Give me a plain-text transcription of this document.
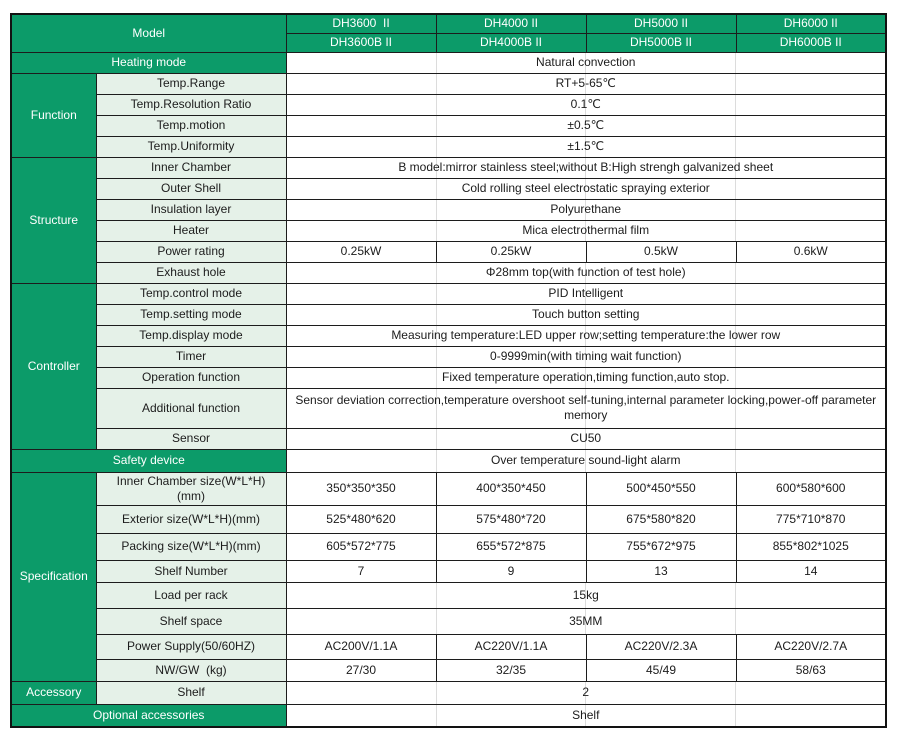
Model		DH3600  II	DH4000 II	DH5000 II	DH6000 II
		DH3600B II	DH4000B II	DH5000B II	DH6000B II
Heating mode		Natural convection			
Function	Temp.Range	RT+5-65℃			
	Temp.Resolution Ratio	0.1℃			
	Temp.motion	±0.5℃			
	Temp.Uniformity	±1.5℃			
Structure	Inner Chamber	B model:mirror stainless steel;without B:High strengh galvanized sheet			
	Outer Shell	Cold rolling steel electrostatic spraying exterior			
	Insulation layer	Polyurethane			
	Heater	Mica electrothermal film			
	Power rating	0.25kW	0.25kW	0.5kW	0.6kW
	Exhaust hole	Φ28mm top(with function of test hole)			
Controller	Temp.control mode	PID Intelligent			
	Temp.setting mode	Touch button setting			
	Temp.display mode	Measuring temperature:LED upper row;setting temperature:the lower row			
	Timer	0-9999min(with timing wait function)			
	Operation function	Fixed temperature operation,timing function,auto stop.			
	Additional function	Sensor deviation correction,temperature overshoot self-tuning,internal parameter locking,power-off parameter memory			
	Sensor	CU50			
Safety device		Over temperature sound-light alarm			
Specification	Inner Chamber size(W*L*H) (mm)	350*350*350	400*350*450	500*450*550	600*580*600
	Exterior size(W*L*H)(mm)	525*480*620	575*480*720	675*580*820	775*710*870
	Packing size(W*L*H)(mm)	605*572*775	655*572*875	755*672*975	855*802*1025
	Shelf Number	7	9	13	14
	Load per rack	15kg			
	Shelf space	35MM			
	Power Supply(50/60HZ)	AC200V/1.1A	AC220V/1.1A	AC220V/2.3A	AC220V/2.7A
	NW/GW  (kg)	27/30	32/35	45/49	58/63
Accessory	Shelf	2			
Optional accessories		Shelf			
